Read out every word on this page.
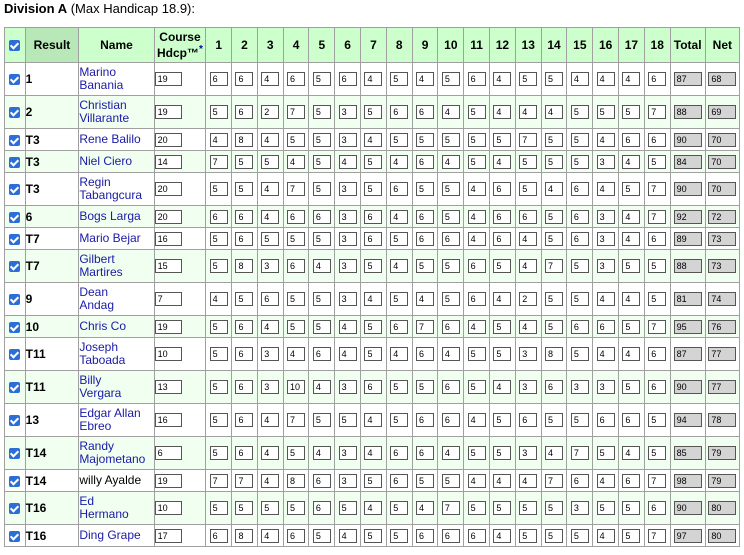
Division A (Max Handicap 18.9):
	Result	Name	Course
Hdcp™*	1	2	3	4	5	6	7	8	9	10	11	12	13	14	15	16	17	18	Total	Net
	1	Marino
Banania	19	6	6	4	6	5	6	4	5	4	5	6	4	5	5	4	4	4	6	87	68
	2	Christian
Villarante	19	5	6	2	7	5	3	5	6	6	4	5	4	4	4	5	5	5	7	88	69
	T3	Rene Balilo	20	4	8	4	5	5	3	4	5	5	5	5	5	7	5	5	4	6	6	90	70
	T3	Niel Ciero	14	7	5	5	4	5	4	5	4	6	4	5	4	5	5	5	3	4	5	84	70
	T3	Regin
Tabangcura	20	5	5	4	7	5	3	5	6	5	5	4	6	5	4	6	4	5	7	90	70
	6	Bogs Larga	20	6	6	4	6	6	3	6	4	6	5	4	6	6	5	6	3	4	7	92	72
	T7	Mario Bejar	16	5	6	5	5	5	3	6	5	6	6	4	6	4	5	6	3	4	6	89	73
	T7	Gilbert
Martires	15	5	8	3	6	4	3	5	4	5	5	6	5	4	7	5	3	5	5	88	73
	9	Dean
Andag	7	4	5	6	5	5	3	4	5	4	5	6	4	2	5	5	4	4	5	81	74
	10	Chris Co	19	5	6	4	5	5	4	5	6	7	6	4	5	4	5	6	6	5	7	95	76
	T11	Joseph
Taboada	10	5	6	3	4	6	4	5	4	6	4	5	5	3	8	5	4	4	6	87	77
	T11	Billy
Vergara	13	5	6	3	10	4	3	6	5	5	6	5	4	3	6	3	3	5	6	90	77
	13	Edgar Allan
Ebreo	16	5	6	4	7	5	5	4	5	6	6	4	5	6	5	5	6	6	5	94	78
	T14	Randy
Majometano	6	5	6	4	5	4	3	4	6	6	4	5	5	3	4	7	5	4	5	85	79
	T14	willy Ayalde	19	7	7	4	8	6	3	5	6	5	5	4	4	4	7	6	4	6	7	98	79
	T16	Ed
Hermano	10	5	5	5	5	6	5	4	5	4	7	5	5	5	5	3	5	5	6	90	80
	T16	Ding Grape	17	6	8	4	6	5	4	5	5	6	6	6	4	5	5	5	4	5	7	97	80
